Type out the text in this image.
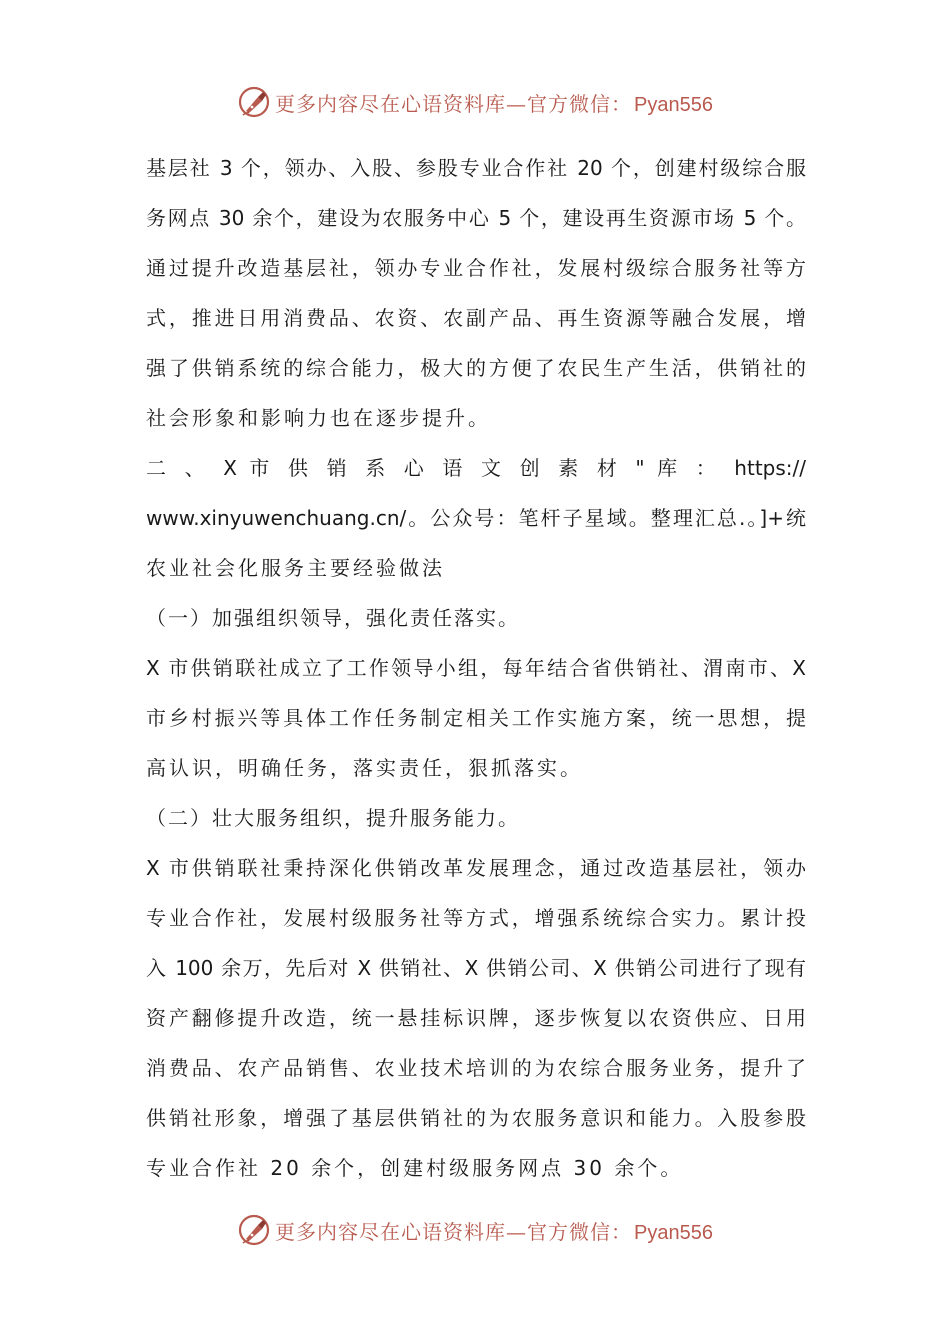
更多内容尽在心语资料库—官方微信： Pyan556
基层社 3 个，领办、入股、参股专业合作社 20 个，创建村级综合服
务网点 30 余个，建设为农服务中心 5 个，建设再生资源市场 5 个。
通过提升改造基层社，领办专业合作社，发展村级综合服务社等方
式，推进日用消费品、农资、农副产品、再生资源等融合发展，增
强了供销系统的综合能力，极大的方便了农民生产生活，供销社的
社会形象和影响力也在逐步提升。
二 、 X 市 供 销 系 心 语 文 创 素 材 " 库 ： https://
www.xinyuwenchuang.cn/。公众号：笔杆子星域。整理汇总.。]+统
农业社会化服务主要经验做法
（一）加强组织领导，强化责任落实。
X 市供销联社成立了工作领导小组，每年结合省供销社、渭南市、X
市乡村振兴等具体工作任务制定相关工作实施方案，统一思想，提
高认识，明确任务，落实责任，狠抓落实。
（二）壮大服务组织，提升服务能力。
X 市供销联社秉持深化供销改革发展理念，通过改造基层社，领办
专业合作社，发展村级服务社等方式，增强系统综合实力。累计投
入 100 余万，先后对 X 供销社、X 供销公司、X 供销公司进行了现有
资产翻修提升改造，统一悬挂标识牌，逐步恢复以农资供应、日用
消费品、农产品销售、农业技术培训的为农综合服务业务，提升了
供销社形象，增强了基层供销社的为农服务意识和能力。入股参股
专业合作社 20 余个，创建村级服务网点 30 余个。
更多内容尽在心语资料库—官方微信： Pyan556
